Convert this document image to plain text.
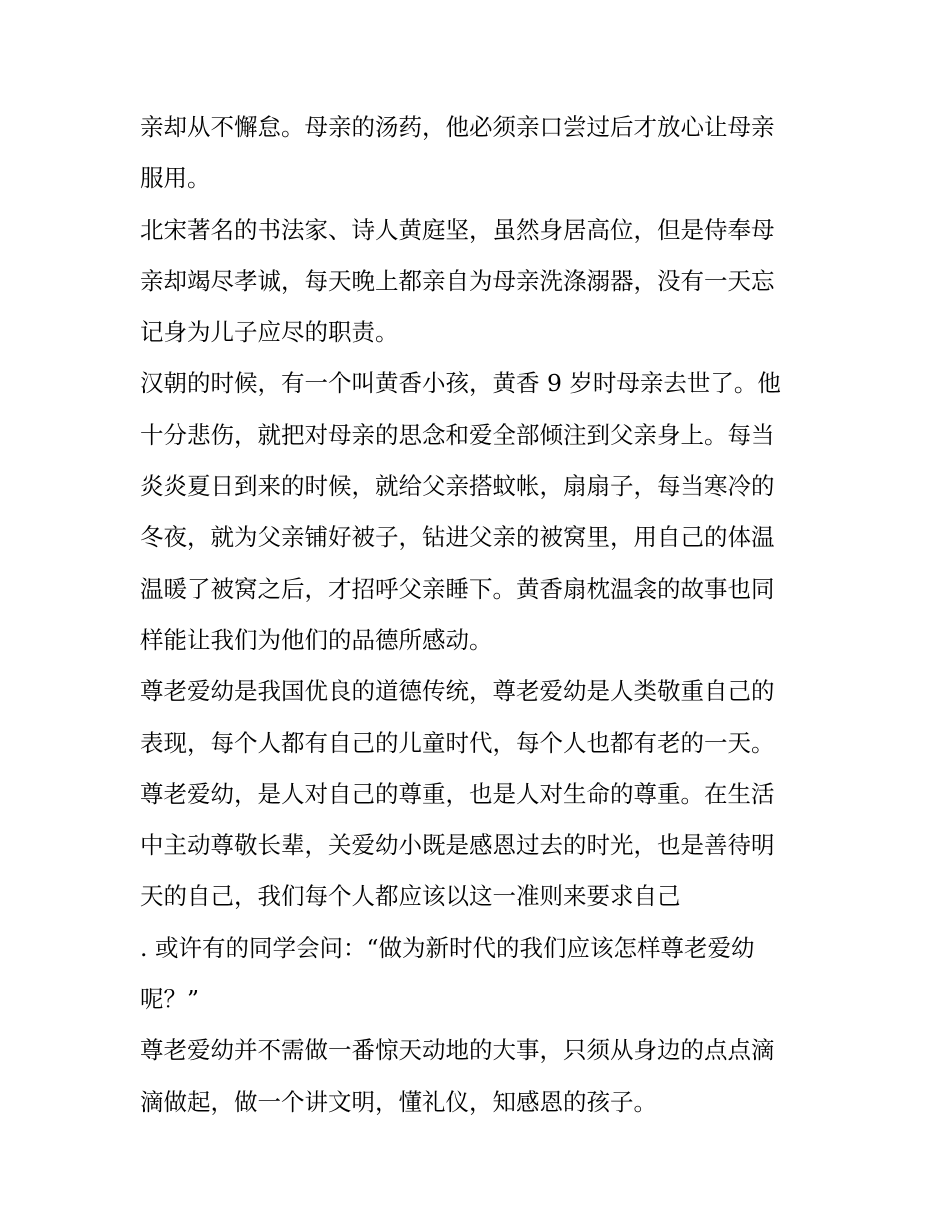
亲却从不懈怠。母亲的汤药，他必须亲口尝过后才放心让母亲
服用。
北宋著名的书法家、诗人黄庭坚，虽然身居高位，但是侍奉母
亲却竭尽孝诚，每天晚上都亲自为母亲洗涤溺器，没有一天忘
记身为儿子应尽的职责。
汉朝的时候，有一个叫黄香小孩，黄香 9 岁时母亲去世了。他
十分悲伤，就把对母亲的思念和爱全部倾注到父亲身上。每当
炎炎夏日到来的时候，就给父亲搭蚊帐，扇扇子，每当寒冷的
冬夜，就为父亲铺好被子，钻进父亲的被窝里，用自己的体温
温暖了被窝之后，才招呼父亲睡下。黄香扇枕温衾的故事也同
样能让我们为他们的品德所感动。
尊老爱幼是我国优良的道德传统，尊老爱幼是人类敬重自己的
表现，每个人都有自己的儿童时代，每个人也都有老的一天。
尊老爱幼，是人对自己的尊重，也是人对生命的尊重。在生活
中主动尊敬长辈，关爱幼小既是感恩过去的时光，也是善待明
天的自己，我们每个人都应该以这一准则来要求自己
. 或许有的同学会问：“做为新时代的我们应该怎样尊老爱幼
呢？”
尊老爱幼并不需做一番惊天动地的大事，只须从身边的点点滴
滴做起，做一个讲文明，懂礼仪，知感恩的孩子。
